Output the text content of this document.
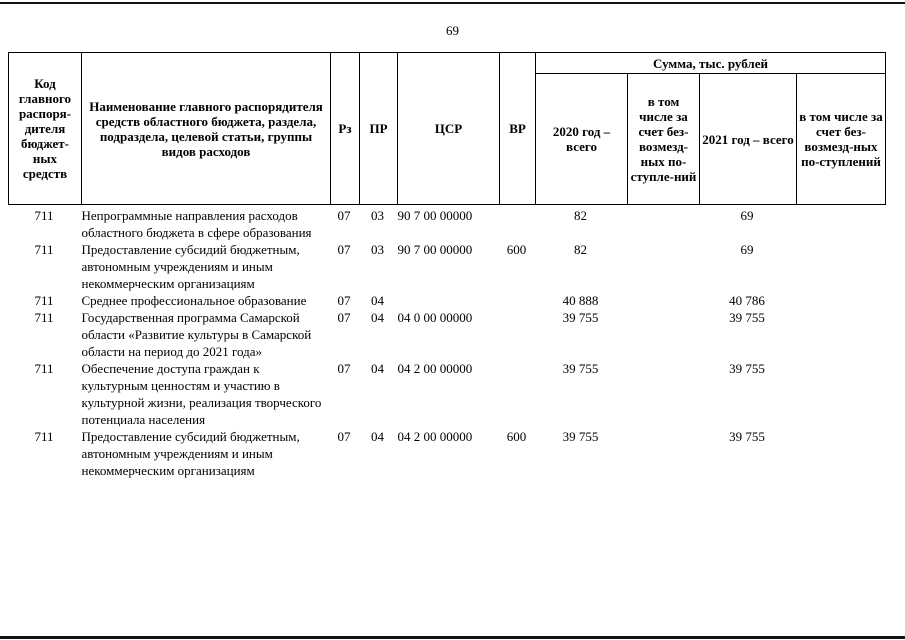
69
Код главного распоря-дителя бюджет-ных средств	Наименование главного распорядителя средств областного бюджета, раздела, подраздела, целевой статьи, группы видов расходов	Рз	ПР	ЦСР	ВР	Сумма, тыс. рублей			
						2020 год – всего	в том числе за счет без-возмезд-ных по-ступле-ний	2021 год – всего	в том числе за счет без-возмезд-ных по-ступлений
711	Непрограммные направления расходов областного бюджета в сфере образования	07	03	90 7 00 00000		82		69	
711	Предоставление субсидий бюджетным, автономным учреждениям и иным некоммерческим организациям	07	03	90 7 00 00000	600	82		69	
711	Среднее профессиональное образование	07	04			40 888		40 786	
711	Государственная программа Самарской области «Развитие культуры в Самарской области на период до 2021 года»	07	04	04 0 00 00000		39 755		39 755	
711	Обеспечение доступа граждан к культурным ценностям и участию в культурной жизни, реализация творческого потенциала населения	07	04	04 2 00 00000		39 755		39 755	
711	Предоставление субсидий бюджетным, автономным учреждениям и иным некоммерческим организациям	07	04	04 2 00 00000	600	39 755		39 755	
